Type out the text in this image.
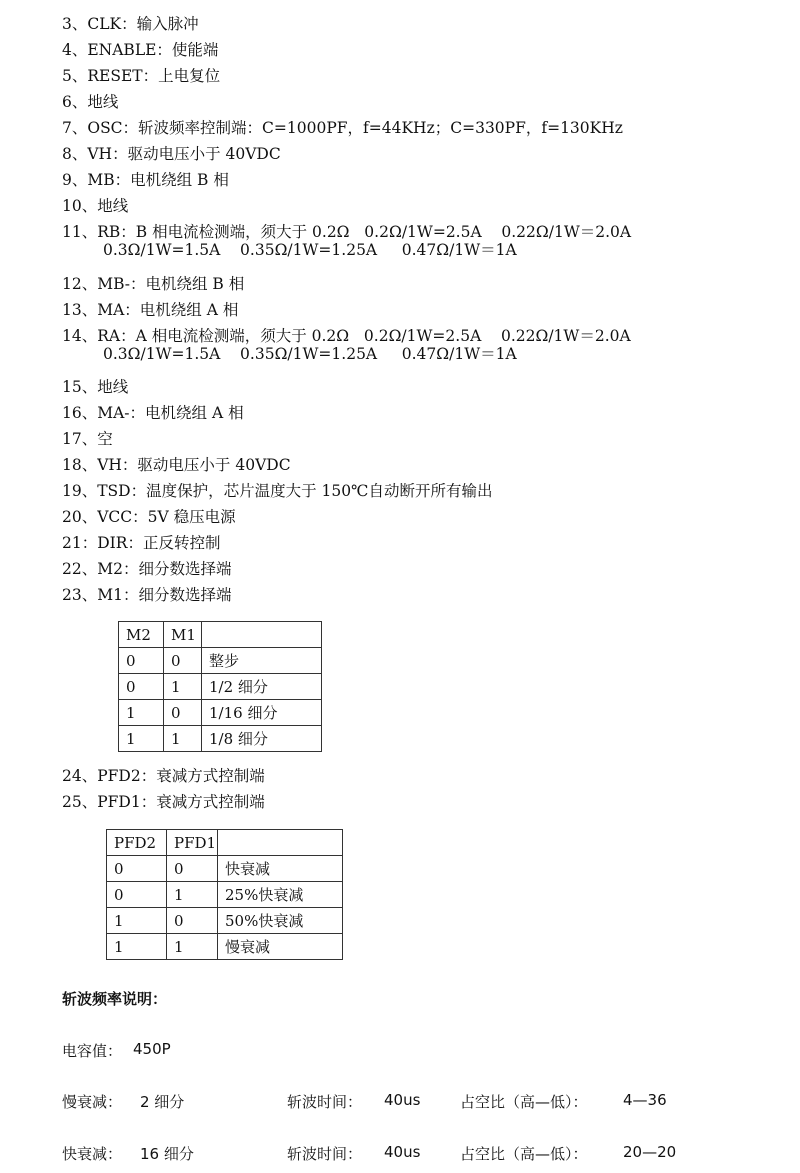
3、CLK：输入脉冲
4、ENABLE：使能端
5、RESET：上电复位
6、地线
7、OSC：斩波频率控制端：C=1000PF，f=44KHz；C=330PF，f=130KHz
8、VH：驱动电压小于 40VDC
9、MB：电机绕组 B 相
10、地线
11、RB：B 相电流检测端，须大于 0.2Ω   0.2Ω/1W=2.5A    0.22Ω/1W＝2.0A
0.3Ω/1W=1.5A    0.35Ω/1W=1.25A     0.47Ω/1W＝1A
12、MB-：电机绕组 B 相
13、MA：电机绕组 A 相
14、RA：A 相电流检测端，须大于 0.2Ω   0.2Ω/1W=2.5A    0.22Ω/1W＝2.0A
0.3Ω/1W=1.5A    0.35Ω/1W=1.25A     0.47Ω/1W＝1A
15、地线
16、MA-：电机绕组 A 相
17、空
18、VH：驱动电压小于 40VDC
19、TSD：温度保护，芯片温度大于 150℃自动断开所有输出
20、VCC：5V 稳压电源
21：DIR：正反转控制
22、M2：细分数选择端
23、M1：细分数选择端
M2	M1	
0	0	整步
0	1	1/2 细分
1	0	1/16 细分
1	1	1/8 细分
24、PFD2：衰减方式控制端
25、PFD1：衰减方式控制端
PFD2	PFD1	
0	0	快衰减
0	1	25%快衰减
1	0	50%快衰减
1	1	慢衰减
斩波频率说明：
电容值： 450P
慢衰减： 2 细分	斩波时间： 40us	占空比（高—低）： 4—36
快衰减： 16 细分	斩波时间： 40us	占空比（高—低）： 20—20
